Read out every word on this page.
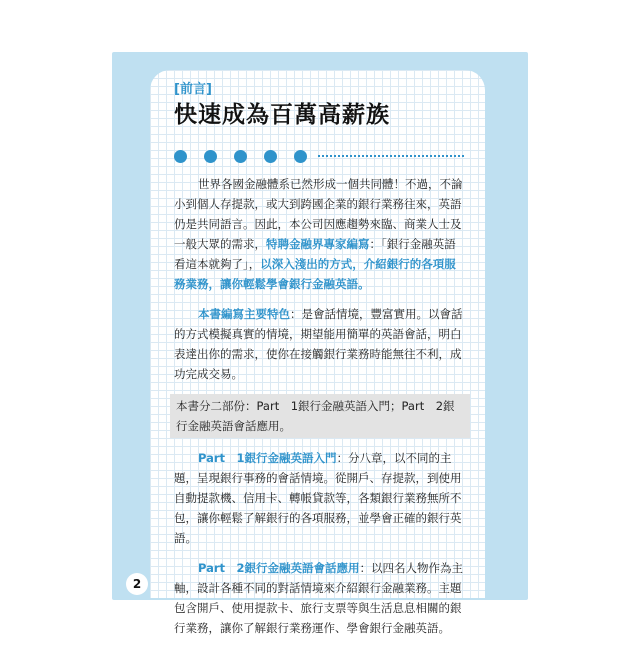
[前言]
快速成為百萬高薪族

世界各國金融體系已然形成一個共同體！不過，不論小到個人存提款，或大到跨國企業的銀行業務往來，英語仍是共同語言。因此，本公司因應趨勢來臨、商業人士及一般大眾的需求，特聘金融界專家編寫：「銀行金融英語　看這本就夠了」，以深入淺出的方式，介紹銀行的各項服務業務，讓你輕鬆學會銀行金融英語。

本書編寫主要特色：是會話情境，豐富實用。以會話的方式模擬真實的情境，期望能用簡單的英語會話，明白表達出你的需求，使你在接觸銀行業務時能無往不利，成功完成交易。

本書分二部份：Part　1銀行金融英語入門；Part　2銀行金融英語會話應用。

Part　1銀行金融英語入門：分八章，以不同的主題，呈現銀行事務的會話情境。從開戶、存提款，到使用自動提款機、信用卡、轉帳貸款等，各類銀行業務無所不包，讓你輕鬆了解銀行的各項服務，並學會正確的銀行英語。

Part　2銀行金融英語會話應用：以四名人物作為主軸，設計各種不同的對話情境來介紹銀行金融業務。主題包含開戶、使用提款卡、旅行支票等與生活息息相關的銀行業務，讓你了解銀行業務運作、學會銀行金融英語。

2
